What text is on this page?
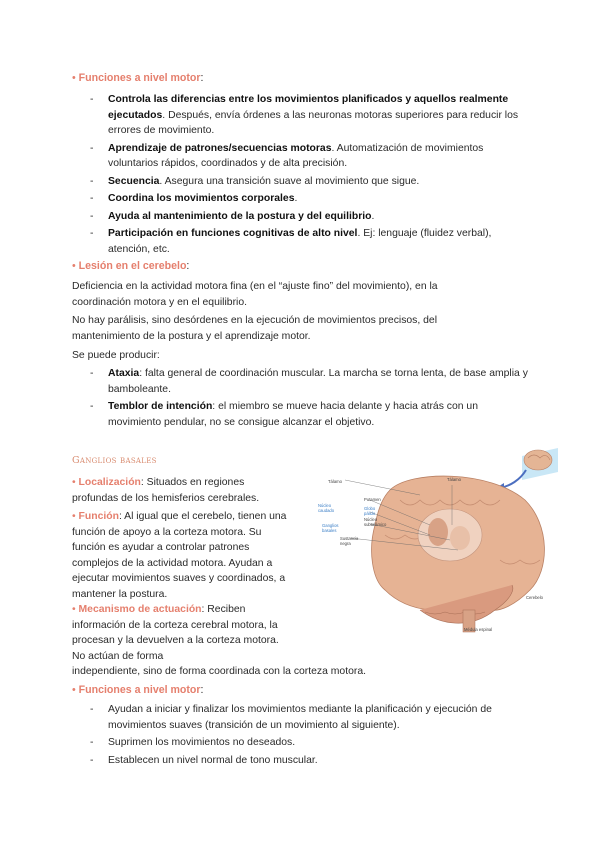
• Funciones a nivel motor:
- Controla las diferencias entre los movimientos planificados y aquellos realmente ejecutados. Después, envía órdenes a las neuronas motoras superiores para reducir los errores de movimiento.
- Aprendizaje de patrones/secuencias motoras. Automatización de movimientos voluntarios rápidos, coordinados y de alta precisión.
- Secuencia. Asegura una transición suave al movimiento que sigue.
- Coordina los movimientos corporales.
- Ayuda al mantenimiento de la postura y del equilibrio.
- Participación en funciones cognitivas de alto nivel. Ej: lenguaje (fluidez verbal), atención, etc.
• Lesión en el cerebelo:
Deficiencia en la actividad motora fina (en el “ajuste fino” del movimiento), en la coordinación motora y en el equilibrio.
No hay parálisis, sino desórdenes en la ejecución de movimientos precisos, del mantenimiento de la postura y el aprendizaje motor.
Se puede producir:
- Ataxia: falta general de coordinación muscular. La marcha se torna lenta, de base amplia y bamboleante.
- Temblor de intención: el miembro se mueve hacia delante y hacia atrás con un movimiento pendular, no se consigue alcanzar el objetivo.
Ganglios basales
• Localización: Situados en regiones profundas de los hemisferios cerebrales.
• Función: Al igual que el cerebelo, tienen una función de apoyo a la corteza motora. Su función es ayudar a controlar patrones complejos de la actividad motora. Ayudan a ejecutar movimientos suaves y coordinados, a mantener la postura.
• Mecanismo de actuación: Reciben información de la corteza cerebral motora, la procesan y la devuelven a la corteza motora. No actúan de forma
independiente, sino de forma coordinada con la corteza motora.
Tálamo	Tálamo
Núcleo caudado
Putamen
Globo pálido
Núcleo subtalámico
Ganglios basales
Sustancia negra
Cerebelo
Médula espinal
• Funciones a nivel motor:
- Ayudan a iniciar y finalizar los movimientos mediante la planificación y ejecución de movimientos suaves (transición de un movimiento al siguiente).
- Suprimen los movimientos no deseados.
- Establecen un nivel normal de tono muscular.
